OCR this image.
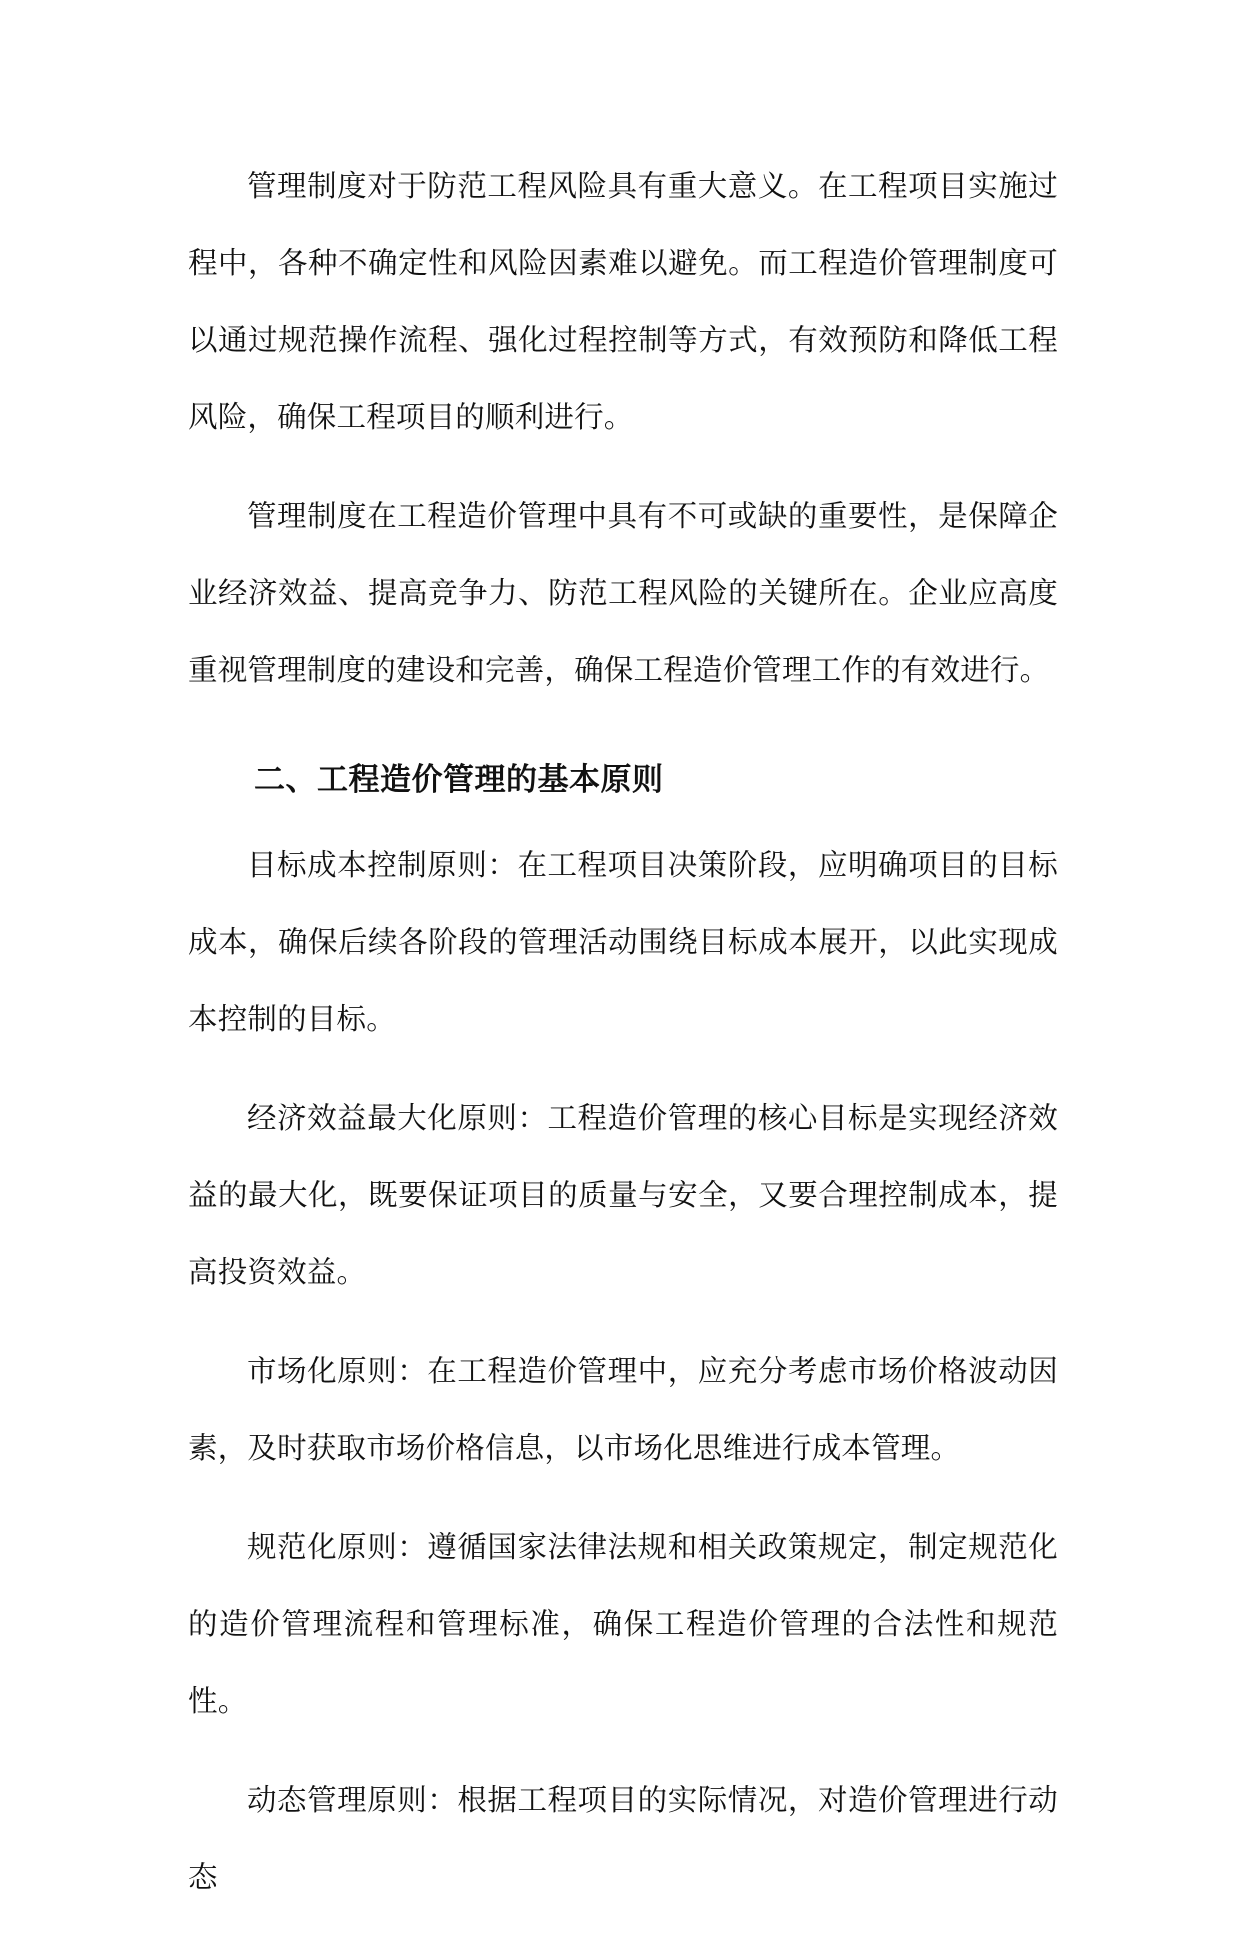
管理制度对于防范工程风险具有重大意义。在工程项目实施过程中，各种不确定性和风险因素难以避免。而工程造价管理制度可以通过规范操作流程、强化过程控制等方式，有效预防和降低工程风险，确保工程项目的顺利进行。

管理制度在工程造价管理中具有不可或缺的重要性，是保障企业经济效益、提高竞争力、防范工程风险的关键所在。企业应高度重视管理制度的建设和完善，确保工程造价管理工作的有效进行。

二、工程造价管理的基本原则

目标成本控制原则：在工程项目决策阶段，应明确项目的目标成本，确保后续各阶段的管理活动围绕目标成本展开，以此实现成本控制的目标。

经济效益最大化原则：工程造价管理的核心目标是实现经济效益的最大化，既要保证项目的质量与安全，又要合理控制成本，提高投资效益。

市场化原则：在工程造价管理中，应充分考虑市场价格波动因素，及时获取市场价格信息，以市场化思维进行成本管理。

规范化原则：遵循国家法律法规和相关政策规定，制定规范化的造价管理流程和管理标准，确保工程造价管理的合法性和规范性。

动态管理原则：根据工程项目的实际情况，对造价管理进行动态
